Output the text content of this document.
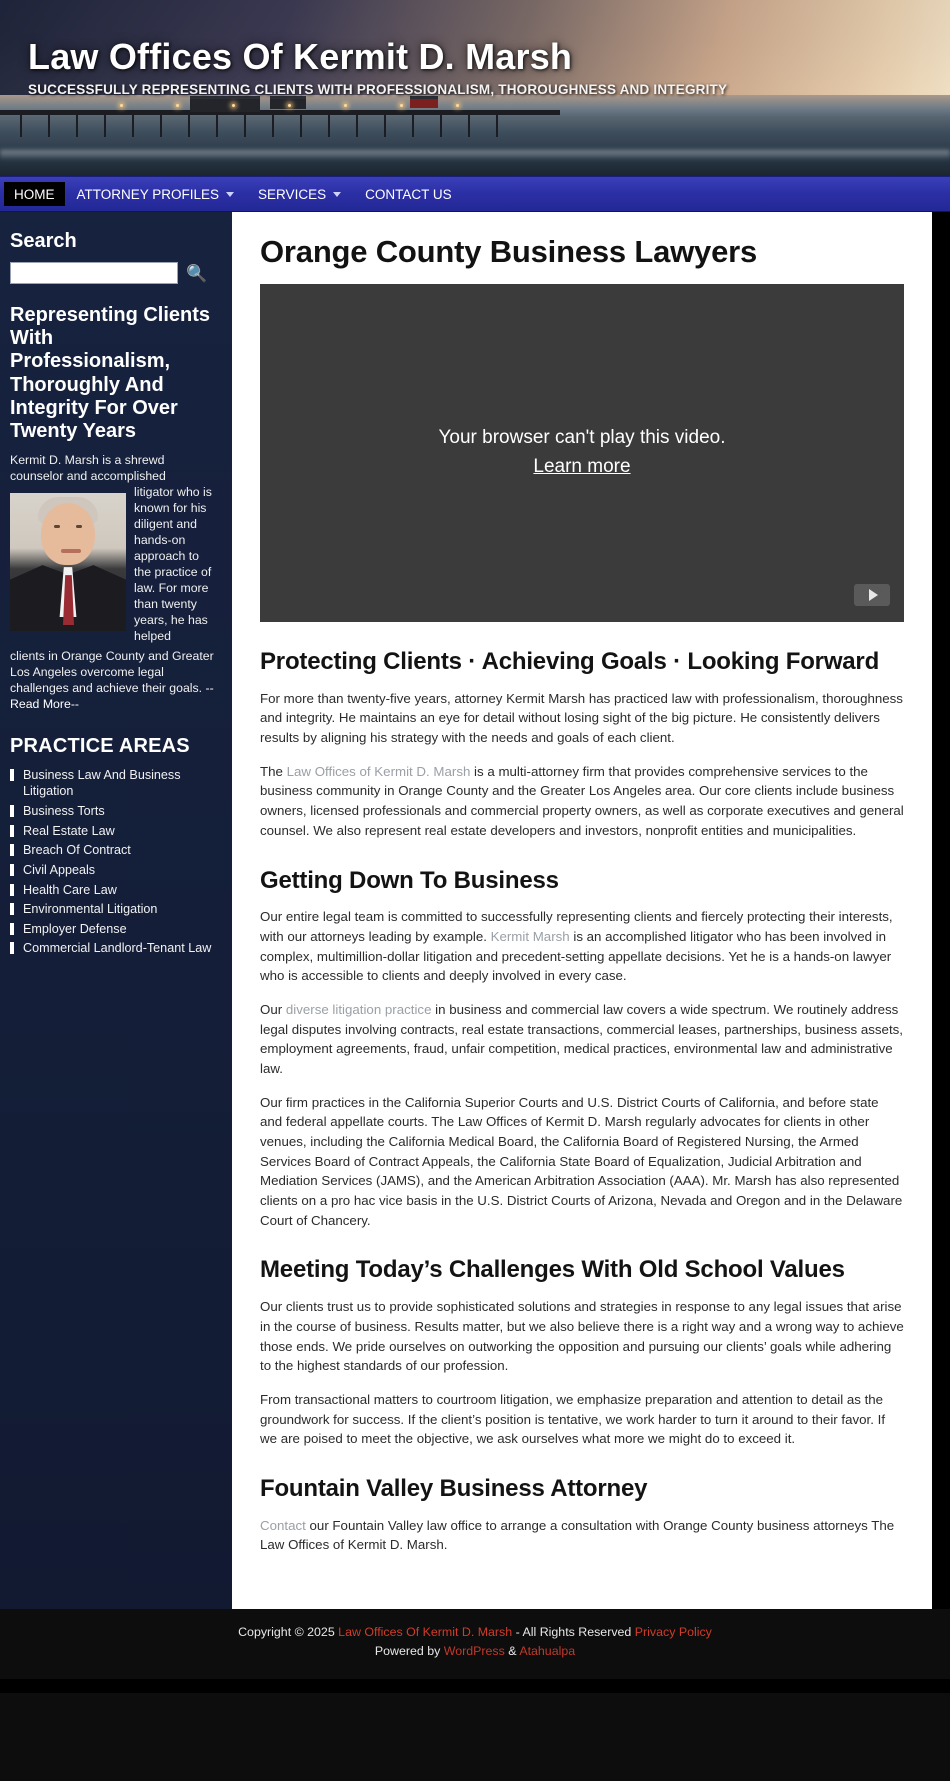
Law Offices Of Kermit D. Marsh
SUCCESSFULLY REPRESENTING CLIENTS WITH PROFESSIONALISM, THOROUGHNESS AND INTEGRITY
HOME ATTORNEY PROFILES	SERVICES	CONTACT US
Search
🔍
Representing Clients With Professionalism, Thoroughly And Integrity For Over Twenty Years

Kermit D. Marsh is a shrewd counselor and accomplished

litigator who is known for his diligent and hands-on approach to the practice of law. For more than twenty years, he has helped

clients in Orange County and Greater Los Angeles overcome legal challenges and achieve their goals. --Read More--

PRACTICE AREAS
Business Law And Business Litigation
Business Torts
Real Estate Law
Breach Of Contract
Civil Appeals
Health Care Law
Environmental Litigation
Employer Defense
Commercial Landlord-Tenant Law
Orange County Business Lawyers
Your browser can't play this video.
Learn more
Protecting Clients · Achieving Goals · Looking Forward

For more than twenty-five years, attorney Kermit Marsh has practiced law with professionalism, thoroughness and integrity. He maintains an eye for detail without losing sight of the big picture. He consistently delivers results by aligning his strategy with the needs and goals of each client.

The Law Offices of Kermit D. Marsh is a multi-attorney firm that provides comprehensive services to the business community in Orange County and the Greater Los Angeles area. Our core clients include business owners, licensed professionals and commercial property owners, as well as corporate executives and general counsel. We also represent real estate developers and investors, nonprofit entities and municipalities.

Getting Down To Business

Our entire legal team is committed to successfully representing clients and fiercely protecting their interests, with our attorneys leading by example. Kermit Marsh is an accomplished litigator who has been involved in complex, multimillion-dollar litigation and precedent-setting appellate decisions. Yet he is a hands-on lawyer who is accessible to clients and deeply involved in every case.

Our diverse litigation practice in business and commercial law covers a wide spectrum. We routinely address legal disputes involving contracts, real estate transactions, commercial leases, partnerships, business assets, employment agreements, fraud, unfair competition, medical practices, environmental law and administrative law.

Our firm practices in the California Superior Courts and U.S. District Courts of California, and before state and federal appellate courts. The Law Offices of Kermit D. Marsh regularly advocates for clients in other venues, including the California Medical Board, the California Board of Registered Nursing, the Armed Services Board of Contract Appeals, the California State Board of Equalization, Judicial Arbitration and Mediation Services (JAMS), and the American Arbitration Association (AAA). Mr. Marsh has also represented clients on a pro hac vice basis in the U.S. District Courts of Arizona, Nevada and Oregon and in the Delaware Court of Chancery.

Meeting Today’s Challenges With Old School Values

Our clients trust us to provide sophisticated solutions and strategies in response to any legal issues that arise in the course of business. Results matter, but we also believe there is a right way and a wrong way to achieve those ends. We pride ourselves on outworking the opposition and pursuing our clients’ goals while adhering to the highest standards of our profession.

From transactional matters to courtroom litigation, we emphasize preparation and attention to detail as the groundwork for success. If the client’s position is tentative, we work harder to turn it around to their favor. If we are poised to meet the objective, we ask ourselves what more we might do to exceed it.

Fountain Valley Business Attorney

Contact our Fountain Valley law office to arrange a consultation with Orange County business attorneys The Law Offices of Kermit D. Marsh.

Copyright © 2025 Law Offices Of Kermit D. Marsh - All Rights Reserved Privacy Policy
Powered by WordPress & Atahualpa
